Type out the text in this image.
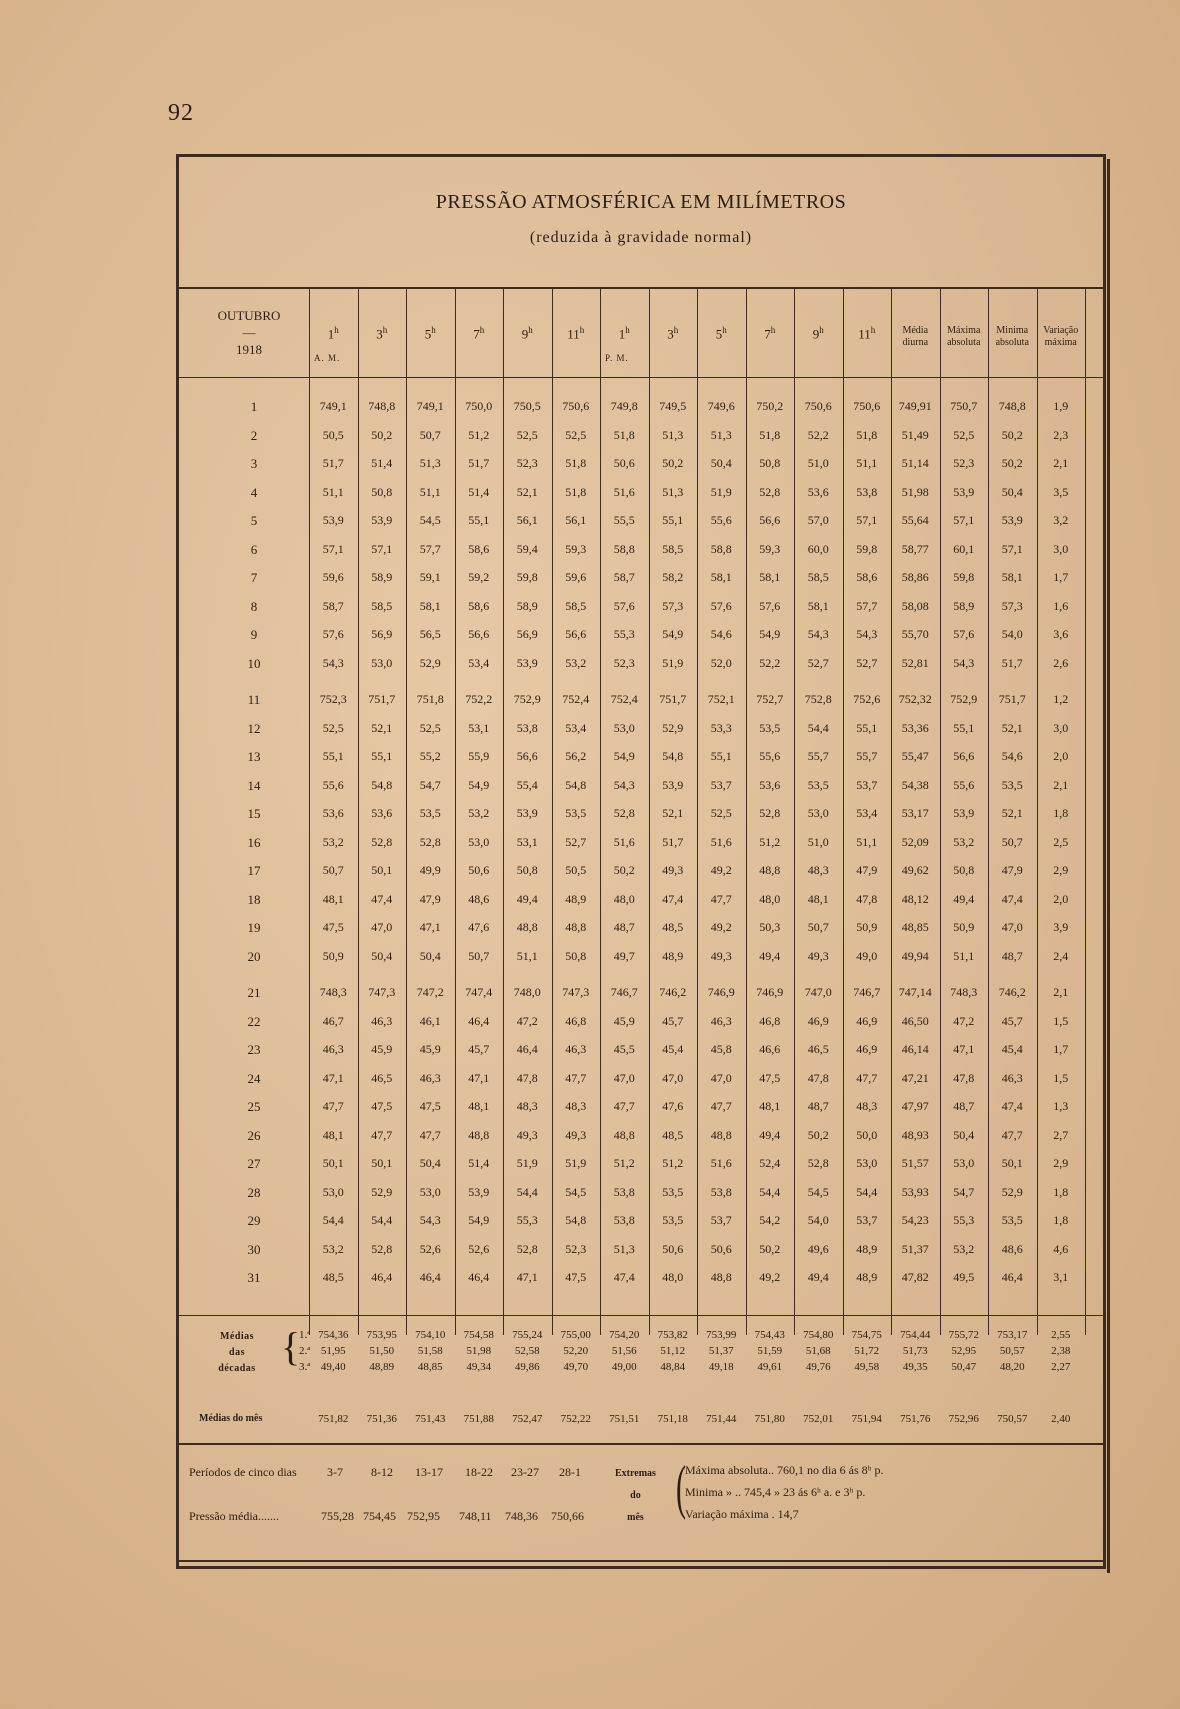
92
PRESSÃO ATMOSFÉRICA EM MILÍMETROS
(reduzida à gravidade normal)
OUTUBRO
—
1918
1$^h$	3$^h$	5$^h$	7$^h$	9$^h$	11$^h$	1$^h$	3$^h$	5$^h$	7$^h$	9$^h$	11$^h$
A. M.	P. M.
Média diurna
Máxima absoluta
Minima absoluta
Variação máxima
1	749,1	748,8	749,1	750,0	750,5	750,6	749,8	749,5	749,6	750,2	750,6	750,6	749,91	750,7	748,8	1,9
2	50,5	50,2	50,7	51,2	52,5	52,5	51,8	51,3	51,3	51,8	52,2	51,8	51,49	52,5	50,2	2,3
3	51,7	51,4	51,3	51,7	52,3	51,8	50,6	50,2	50,4	50,8	51,0	51,1	51,14	52,3	50,2	2,1
4	51,1	50,8	51,1	51,4	52,1	51,8	51,6	51,3	51,9	52,8	53,6	53,8	51,98	53,9	50,4	3,5
5	53,9	53,9	54,5	55,1	56,1	56,1	55,5	55,1	55,6	56,6	57,0	57,1	55,64	57,1	53,9	3,2
6	57,1	57,1	57,7	58,6	59,4	59,3	58,8	58,5	58,8	59,3	60,0	59,8	58,77	60,1	57,1	3,0
7	59,6	58,9	59,1	59,2	59,8	59,6	58,7	58,2	58,1	58,1	58,5	58,6	58,86	59,8	58,1	1,7
8	58,7	58,5	58,1	58,6	58,9	58,5	57,6	57,3	57,6	57,6	58,1	57,7	58,08	58,9	57,3	1,6
9	57,6	56,9	56,5	56,6	56,9	56,6	55,3	54,9	54,6	54,9	54,3	54,3	55,70	57,6	54,0	3,6
10	54,3	53,0	52,9	53,4	53,9	53,2	52,3	51,9	52,0	52,2	52,7	52,7	52,81	54,3	51,7	2,6
11	752,3	751,7	751,8	752,2	752,9	752,4	752,4	751,7	752,1	752,7	752,8	752,6	752,32	752,9	751,7	1,2
12	52,5	52,1	52,5	53,1	53,8	53,4	53,0	52,9	53,3	53,5	54,4	55,1	53,36	55,1	52,1	3,0
13	55,1	55,1	55,2	55,9	56,6	56,2	54,9	54,8	55,1	55,6	55,7	55,7	55,47	56,6	54,6	2,0
14	55,6	54,8	54,7	54,9	55,4	54,8	54,3	53,9	53,7	53,6	53,5	53,7	54,38	55,6	53,5	2,1
15	53,6	53,6	53,5	53,2	53,9	53,5	52,8	52,1	52,5	52,8	53,0	53,4	53,17	53,9	52,1	1,8
16	53,2	52,8	52,8	53,0	53,1	52,7	51,6	51,7	51,6	51,2	51,0	51,1	52,09	53,2	50,7	2,5
17	50,7	50,1	49,9	50,6	50,8	50,5	50,2	49,3	49,2	48,8	48,3	47,9	49,62	50,8	47,9	2,9
18	48,1	47,4	47,9	48,6	49,4	48,9	48,0	47,4	47,7	48,0	48,1	47,8	48,12	49,4	47,4	2,0
19	47,5	47,0	47,1	47,6	48,8	48,8	48,7	48,5	49,2	50,3	50,7	50,9	48,85	50,9	47,0	3,9
20	50,9	50,4	50,4	50,7	51,1	50,8	49,7	48,9	49,3	49,4	49,3	49,0	49,94	51,1	48,7	2,4
21	748,3	747,3	747,2	747,4	748,0	747,3	746,7	746,2	746,9	746,9	747,0	746,7	747,14	748,3	746,2	2,1
22	46,7	46,3	46,1	46,4	47,2	46,8	45,9	45,7	46,3	46,8	46,9	46,9	46,50	47,2	45,7	1,5
23	46,3	45,9	45,9	45,7	46,4	46,3	45,5	45,4	45,8	46,6	46,5	46,9	46,14	47,1	45,4	1,7
24	47,1	46,5	46,3	47,1	47,8	47,7	47,0	47,0	47,0	47,5	47,8	47,7	47,21	47,8	46,3	1,5
25	47,7	47,5	47,5	48,1	48,3	48,3	47,7	47,6	47,7	48,1	48,7	48,3	47,97	48,7	47,4	1,3
26	48,1	47,7	47,7	48,8	49,3	49,3	48,8	48,5	48,8	49,4	50,2	50,0	48,93	50,4	47,7	2,7
27	50,1	50,1	50,4	51,4	51,9	51,9	51,2	51,2	51,6	52,4	52,8	53,0	51,57	53,0	50,1	2,9
28	53,0	52,9	53,0	53,9	54,4	54,5	53,8	53,5	53,8	54,4	54,5	54,4	53,93	54,7	52,9	1,8
29	54,4	54,4	54,3	54,9	55,3	54,8	53,8	53,5	53,7	54,2	54,0	53,7	54,23	55,3	53,5	1,8
30	53,2	52,8	52,6	52,6	52,8	52,3	51,3	50,6	50,6	50,2	49,6	48,9	51,37	53,2	48,6	4,6
31	48,5	46,4	46,4	46,4	47,1	47,5	47,4	48,0	48,8	49,2	49,4	48,9	47,82	49,5	46,4	3,1
Médias
das
décadas {
1.ª 754,36	753,95	754,10	754,58	755,24	755,00	754,20	753,82	753,99	754,43	754,80	754,75	754,44	755,72	753,17	2,55
2.ª 51,95	51,50	51,58	51,98	52,58	52,20	51,56	51,12	51,37	51,59	51,68	51,72	51,73	52,95	50,57	2,38
3.ª 49,40	48,89	48,85	49,34	49,86	49,70	49,00	48,84	49,18	49,61	49,76	49,58	49,35	50,47	48,20	2,27
Médias do mês	751,82	751,36	751,43	751,88	752,47	752,22	751,51	751,18	751,44	751,80	752,01	751,94	751,76	752,96	750,57	2,40
Períodos de cinco dias	3-7 8-12 13-17 18-22 23-27 28-1
Pressão média.......	755,28 754,45 752,95 748,11 748,36 750,66
Extremas
do
mês ( Máxima absoluta.. 760,1 no dia 6 ás 8ʰ p.
Minima » .. 745,4 » 23 ás 6ʰ a. e 3ʰ p.
Variação máxima . 14,7
